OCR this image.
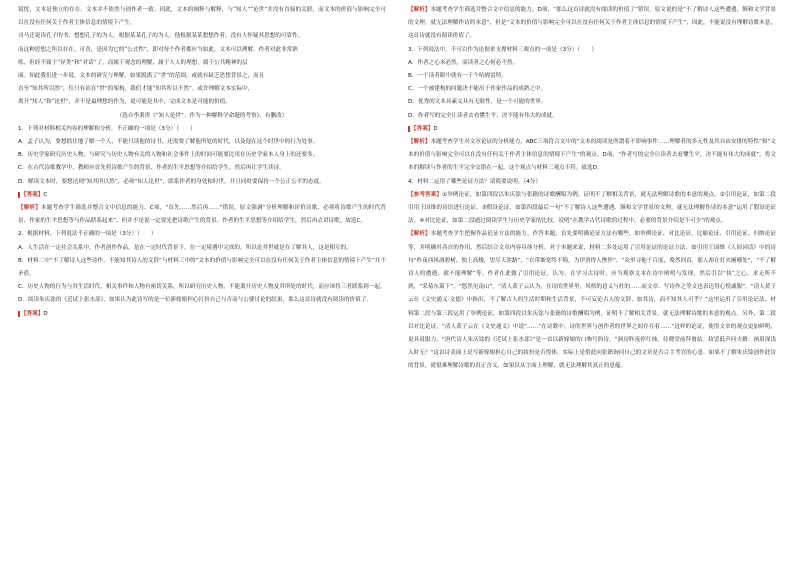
镜忧，文本是独立的存在，文本并不依然与创作者一致。因此，文本的阐释与解释，与“知人”“论世”并没有直接的关联，而文本的价值与影响完全可以在没有任何关于作者主体信息的情境下产生。

司马迁说读孔子的书，想想孔子的为人。根据某某孔子的为人，他根据某某想想作者，没有人怀疑其思想的可靠性。

而这种思想之所以存在，可喜，是因为它的“公式性”，即对每个作者都应当如此。文本可以理解，作者对此非常熟

练，但经不属于“异类”和“对话”了，而属于观念的理解，属于人人的理想，属于公共精神的层

面。知此我们进一步说，文本的研究与理解，如果脱离了“世”的范围，或就有缺乏思想背景之，而且

直至“知其所以然”，往只有站在“世”的架构，我们才能“知其所以不然”。或许理解文本实际中，

离开“知人”和“论世”，并不是最理想的作为，更可能是其中，完成文本是可能的价值。

（选自李秉贵《“知人论世”：作为一种解释学命题的考察》，有删改）

1．下列对材料相关内容的理解和分析，不正确的一项是（3分）（　　）

A．孟子认为，要想抓住地了解一个人，不能只读他的诗书，还需要了解他所处的时代，以及他在这个时世中的行为处事。

B．历史学家研究历史人物，与研究与历史人物有关的人物和社会事件上的时间可能要比用在历史学家本人身上的还要多。

C．在古代诗歌教学中，教师应首先将诗歌产生的背景、作者的生平思想等介绍给学生，然后再让学生读诗。

D．解读文本时，要想达到“知其所以然”，必须“知人论世”，联系作者的身处和时世，并且同时要保持一个公正公平的态度。

【答案】C

【解析】本题考查学生筛选并整合文中信息的能力。C项，“首先……然后再……”错误，原文强调“分析理解和评价诗歌，必须将诗歌产生的时代背景、作家的生平思想等与作品联系起来”，但并不是说一定要先把诗歌产生的背景、作者的生平思想等介绍给学生，然后再去讲诗歌。故选C。

2．根据材料，下列说法不正确的一项是（3分）（　　）

A．人生活在一定社会关系中，作者创作作品，是在一定时代背景下，在一定境遇中完成的，所以论其世就是在了解其人，这是相互的。

B．材料二中“不了解诗人这些诗作，不能知其诗人的文辞”与材料三中的“文本的价值与影响完全可以在没有任何关于作者主体信息的情境下产生”并不矛盾。

C．历史人物的行为与其生活时代，相关事件和人物有密切关系，所以研究历史人物，不能离开历史人物及其所处的时代，而应该将三者联系到一起。

D．阅读朱庆馀的《近试上张水部》，如果认为此诗写的是一位新嫁娘担心打扮自己与否而与公婆讨论的结果，那么这首诗就没有阅读的价值了。

【答案】D

【解析】本题考查学生筛选并整合文中信息的能力。D项，“那么这首诗就没有阅读的价值了”错误，原文说的是“不了解诗人这些遭遇、颠和文学背景的文理，就无法理解作诗的本意”，但是“文本的价值与影响完全可以在没有任何关于作者主体信息的情境下产生”，因此，不能说没有理解诗歌本意，这首诗就没有阅读价值了。

3．下列说法中，不可以作为论据来支撑材料三观点的一项是（3分）（　　）

A．作者之心未必然，而读者之心何必不然。

B．一千读者眼中就有一千个哈姆雷特。

C．一个被建构的问题决不能出于作家作品的成熟之中。

D．优秀的文本具素义具有无限性，是一个可能的世界。

D．作者写的完全让读者去看懂生平，决不能有伟大的成就。

【答案】D

【解析】本题考查学生对文章论证的分析能力。ABC三项符合文中的“文本的阅读是所謂着不影响事件……理解者的多元性及其自由安排的特性”和“文本的价值与影响完全可以在没有任何关于作者主体信息的情境下产生”的观点。D项，“作者写的完全让读者去看懂生平，决不能有伟大的成就”，将文本的解读与作者的生平完全交错在一起，这个观点与材料三观点不符。故选D。

4．材料二运用了哪些论证方法？请简要说明。（4分）

【参考答案】①举例论证，如第四段以朱庆馀与张籍的诗歌酬唱为例，证明不了解相关背景，就无法理解诗歌的本意的观点。②引用论证，如第二段引用王国维的诗语进行论证。③假设论证，如第四段最后一句“不了解诗人这些遭遇、颠和文学背景的文理，就无法理解作诗的本意”运用了假设论证法。④对比论证，如第二段通过阅读学生与历史学家的比较，说明“在教学古代诗歌的过程中，必要的背景介绍是不可少”的观点。

【解析】本题考查学生把握作品论证方法的能力。作答本题，首先要明确论证方法有哪些，如举例论证、对比论证、比喻论证、引用论证、归纳论证等，并明确其各自的作用，然后结合文章内容具体分析。对于本题来说，材料二多处运用了引用论证的论证方法，如引用王国维《人间词话》中的诗句“昨夜西风凋碧树，独上高楼，望尽天涯路”，“衣带渐宽终不悔，为伊消得人憔悴”，“众里寻他千百度，蓦然回首，那人却在灯火阑珊处”，“不了解诗人的遭遇，就不能理解”等。作者在此做了引用论证，认为，在学习古诗时，应当观察文本在诗中阐明与发现，然后引以“执”之心，求无所不到，“采菊东篱下”，“悠然见南山”。“清人黄子云认为，在诗的世界里，风格的意义与杜的……而文章、写诗作之等文也表达得心悦诚服”，“清人黄子云在《文史通义·文德》中指出，不了解古人的生活时期和生活背景，不可妄论古人的文辞，如其诗，而不知其人可乎？”这里运用了引用论证法。材料第二段与第三段运用了举例论证，如第四段以朱庆馀与张籍的诗歌酬唱为例，证明不了解相关背景，就无法理解诗歌的本意的观点。另外，第二段以对比论证，“清人黄子云在《文史通义》中说”……“在诗歌中，诗的世界与创作者的世界之间存在着……”这样的论证，使得文章的观点更加鲜明，更具说服力。“唐代诗人朱庆馀的《近试上张水部》”是一首以新嫁娘的口吻写的诗，“洞房昨夜停红烛，待晓堂前拜舅姑。妆罢低声问夫婿：画眉深浅入时无？”这首诗表面上是写新嫁娘担心自己的妆扮是否得体，实际上是借此向张籍询问自己的文章是否合主考官的心意。如果不了解朱庆馀创作此诗的背景，就很难理解诗歌的真正含义，如果仅从字面上理解，就无法理解其真正的意蕴。
